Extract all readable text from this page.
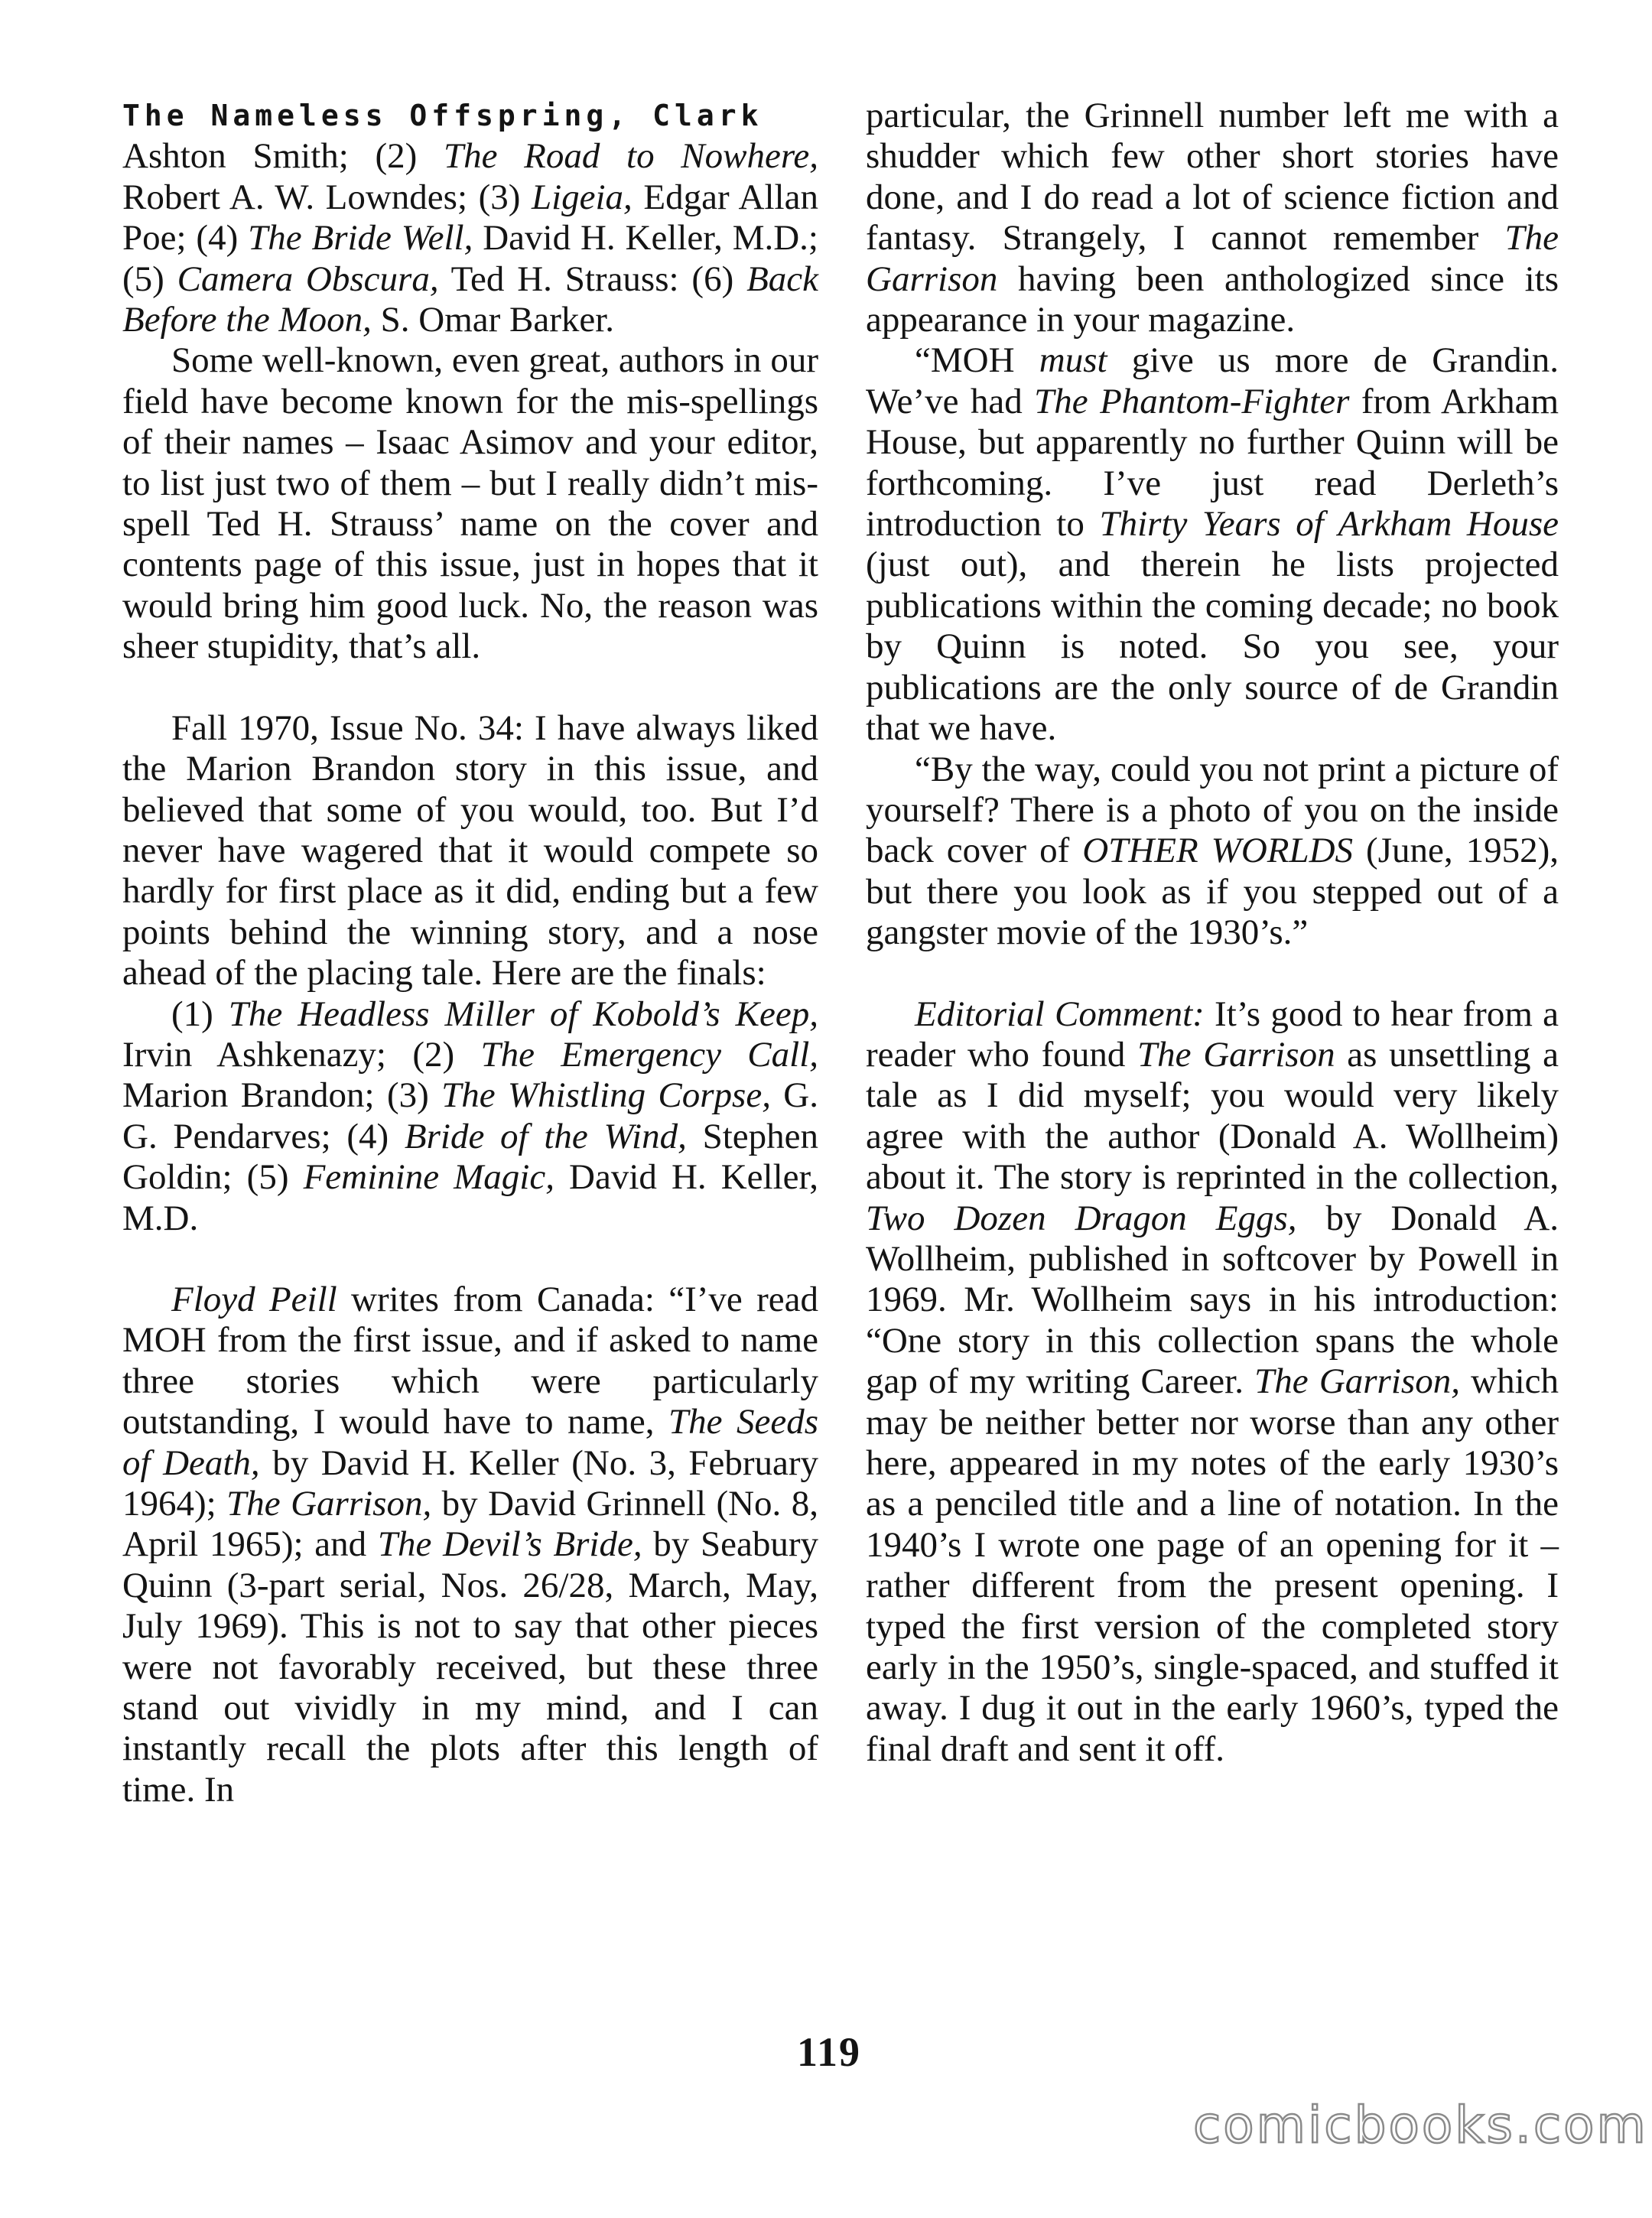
The Nameless Offspring, Clark

Ashton Smith; (2) The Road to Nowhere, Robert A. W. Lowndes; (3) Ligeia, Edgar Allan Poe; (4) The Bride Well, David H. Keller, M.D.; (5) Camera Obscura, Ted H. Strauss: (6) Back Before the Moon, S. Omar Barker.

Some well-known, even great, authors in our field have become known for the mis-spellings of their names – Isaac Asimov and your editor, to list just two of them – but I really didn’t mis-spell Ted H. Strauss’ name on the cover and contents page of this issue, just in hopes that it would bring him good luck. No, the reason was sheer stupidity, that’s all.

Fall 1970, Issue No. 34: I have always liked the Marion Brandon story in this issue, and believed that some of you would, too. But I’d never have wagered that it would compete so hardly for first place as it did, ending but a few points behind the winning story, and a nose ahead of the placing tale. Here are the finals:

(1) The Headless Miller of Kobold’s Keep, Irvin Ashkenazy; (2) The Emergency Call, Marion Brandon; (3) The Whistling Corpse, G. G. Pendarves; (4) Bride of the Wind, Stephen Goldin; (5) Feminine Magic, David H. Keller, M.D.

Floyd Peill writes from Canada: “I’ve read MOH from the first issue, and if asked to name three stories which were particularly outstanding, I would have to name, The Seeds of Death, by David H. Keller (No. 3, February 1964); The Garrison, by David Grinnell (No. 8, April 1965); and The Devil’s Bride, by Seabury Quinn (3-part serial, Nos. 26/28, March, May, July 1969). This is not to say that other pieces were not favorably received, but these three stand out vividly in my mind, and I can instantly recall the plots after this length of time. In

particular, the Grinnell number left me with a shudder which few other short stories have done, and I do read a lot of science fiction and fantasy. Strangely, I cannot remember The Garrison having been anthologized since its appearance in your magazine.

“MOH must give us more de Grandin. We’ve had The Phantom-Fighter from Arkham House, but apparently no further Quinn will be forthcoming. I’ve just read Derleth’s introduction to Thirty Years of Arkham House (just out), and therein he lists projected publications within the coming decade; no book by Quinn is noted. So you see, your publications are the only source of de Grandin that we have.

“By the way, could you not print a picture of yourself? There is a photo of you on the inside back cover of OTHER WORLDS (June, 1952), but there you look as if you stepped out of a gangster movie of the 1930’s.”

Editorial Comment: It’s good to hear from a reader who found The Garrison as unsettling a tale as I did myself; you would very likely agree with the author (Donald A. Wollheim) about it. The story is reprinted in the collection, Two Dozen Dragon Eggs, by Donald A. Wollheim, published in softcover by Powell in 1969. Mr. Wollheim says in his introduction: “One story in this collection spans the whole gap of my writing Career. The Garrison, which may be neither better nor worse than any other here, appeared in my notes of the early 1930’s as a penciled title and a line of notation. In the 1940’s I wrote one page of an opening for it – rather different from the present opening. I typed the first version of the completed story early in the 1950’s, single-spaced, and stuffed it away. I dug it out in the early 1960’s, typed the final draft and sent it off.

119
comicbooks.com
